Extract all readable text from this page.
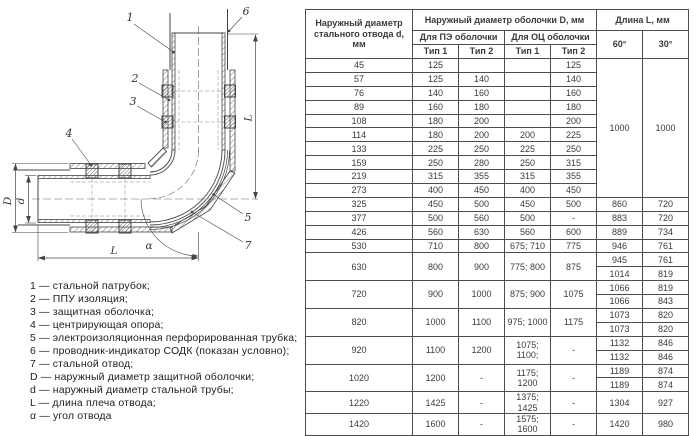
D d
L
L	α
1
2
3
4
5
6
7
1 — стальной патрубок;
2 — ППУ изоляция;
3 — защитная оболочка;
4 — центрирующая опора;
5 — электроизоляционная перфорированная трубка;
6 — проводник-индикатор СОДК (показан условно);
7 — стальной отвод;
D — наружный диаметр защитной оболочки;
d — наружный диаметр стальной трубы;
L — длина плеча отвода;
α — угол отвода
Наружный диаметр стального отвода d, мм	Наружный диаметр оболочки D, мм				Длина L, мм	
	Для ПЭ оболочки		Для ОЦ оболочки		60°	30°
	Тип 1	Тип 2	Тип 1	Тип 2		
45	125			125	1000	1000
57	125	140		140		
76	140	160		160		
89	160	180		180		
108	180	200		200		
114	180	200	200	225		
133	225	250	225	250		
159	250	280	250	315		
219	315	355	315	355		
273	400	450	400	450		
325	450	500	450	500	860	720
377	500	560	500	-	883	720
426	560	630	560	600	889	734
530	710	800	675; 710	775	946	761
630	800	900	775; 800	875	945	761
					1014	819
720	900	1000	875; 900	1075	1066	819
					1066	843
820	1000	1100	975; 1000	1175	1073	820
					1073	820
920	1100	1200	1075; 1100;	-	1132	846
					1132	846
1020	1200	-	1175; 1200	-	1189	874
					1189	874
1220	1425	-	1375; 1425	-	1304	927
1420	1600	-	1575; 1600	-	1420	980
